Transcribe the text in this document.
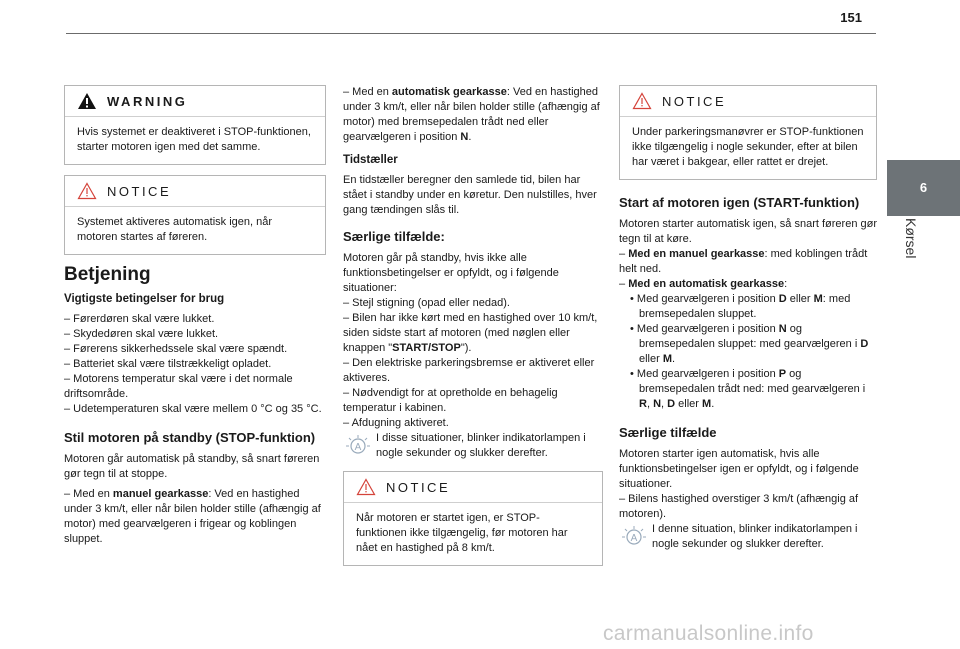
151
6
Kørsel
WARNING
Hvis systemet er deaktiveret i STOP-funktionen, starter motoren igen med det samme.
NOTICE
Systemet aktiveres automatisk igen, når motoren startes af føreren.
Betjening
Vigtigste betingelser for brug

– Førerdøren skal være lukket.

– Skydedøren skal være lukket.

– Førerens sikkerhedssele skal være spændt.

– Batteriet skal være tilstrækkeligt opladet.

– Motorens temperatur skal være i det normale driftsområde.

– Udetemperaturen skal være mellem 0 °C og 35 °C.

Stil motoren på standby (STOP-funktion)

Motoren går automatisk på standby, så snart føreren gør tegn til at stoppe.

– Med en manuel gearkasse: Ved en hastighed under 3 km/t, eller når bilen holder stille (afhængig af motor) med gearvælgeren i frigear og koblingen sluppet.

– Med en automatisk gearkasse: Ved en hastighed under 3 km/t, eller når bilen holder stille (afhængig af motor) med bremsepedalen trådt ned eller gearvælgeren i position N.

Tidstæller

En tidstæller beregner den samlede tid, bilen har stået i standby under en køretur. Den nulstilles, hver gang tændingen slås til.

Særlige tilfælde:

Motoren går på standby, hvis ikke alle funktionsbetingelser er opfyldt, og i følgende situationer:

– Stejl stigning (opad eller nedad).

– Bilen har ikke kørt med en hastighed over 10 km/t, siden sidste start af motoren (med nøglen eller knappen "START/STOP").

– Den elektriske parkeringsbremse er aktiveret eller aktiveres.

– Nødvendigt for at opretholde en behagelig temperatur i kabinen.

– Afdugning aktiveret.

A
I disse situationer, blinker indikatorlampen i nogle sekunder og slukker derefter.
NOTICE
Når motoren er startet igen, er STOP-funktionen ikke tilgængelig, før motoren har nået en hastighed på 8 km/t.
NOTICE
Under parkeringsmanøvrer er STOP-funktionen ikke tilgængelig i nogle sekunder, efter at bilen har været i bakgear, eller rattet er drejet.
Start af motoren igen (START-funktion)

Motoren starter automatisk igen, så snart føreren gør tegn til at køre.

– Med en manuel gearkasse: med koblingen trådt helt ned.

– Med en automatisk gearkasse:

• Med gearvælgeren i position D eller M: med bremsepedalen sluppet.

• Med gearvælgeren i position N og bremsepedalen sluppet: med gearvælgeren i D eller M.

• Med gearvælgeren i position P og bremsepedalen trådt ned: med gearvælgeren i R, N, D eller M.

Særlige tilfælde

Motoren starter igen automatisk, hvis alle funktionsbetingelser igen er opfyldt, og i følgende situationer.

– Bilens hastighed overstiger 3 km/t (afhængig af motoren).

A
I denne situation, blinker indikatorlampen i nogle sekunder og slukker derefter.
carmanualsonline.info
